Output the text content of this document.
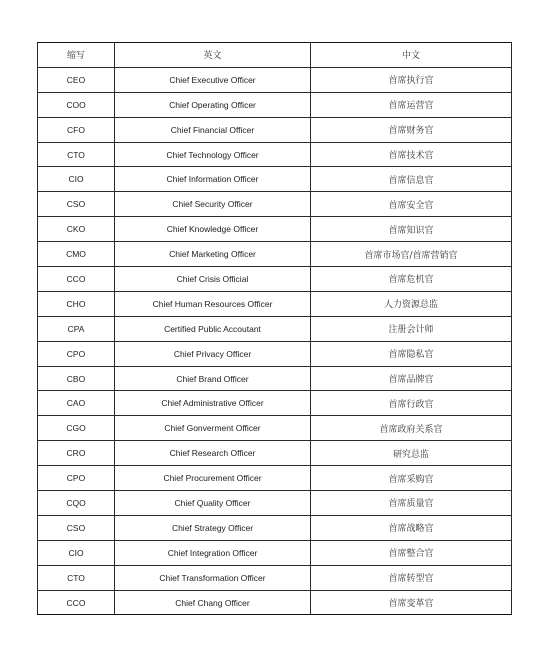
缩写	英文	中文
CEO	Chief Executive Officer	首席执行官
COO	Chief Operating Officer	首席运营官
CFO	Chief Financial Officer	首席财务官
CTO	Chief Technology Officer	首席技术官
CIO	Chief Information Officer	首席信息官
CSO	Chief Security Officer	首席安全官
CKO	Chief Knowledge Officer	首席知识官
CMO	Chief Marketing Officer	首席市场官/首席营销官
CCO	Chief Crisis Official	首席危机官
CHO	Chief Human Resources Officer	人力资源总监
CPA	Certified Public Accoutant	注册会计师
CPO	Chief Privacy Officer	首席隐私官
CBO	Chief Brand Officer	首席品牌官
CAO	Chief Administrative Officer	首席行政官
CGO	Chief Gonverment Officer	首席政府关系官
CRO	Chief Research Officer	研究总监
CPO	Chief Procurement Officer	首席采购官
CQO	Chief Quality Officer	首席质量官
CSO	Chief Strategy Officer	首席战略官
CIO	Chief Integration Officer	首席整合官
CTO	Chief Transformation Officer	首席转型官
CCO	Chief Chang Officer	首席变革官
